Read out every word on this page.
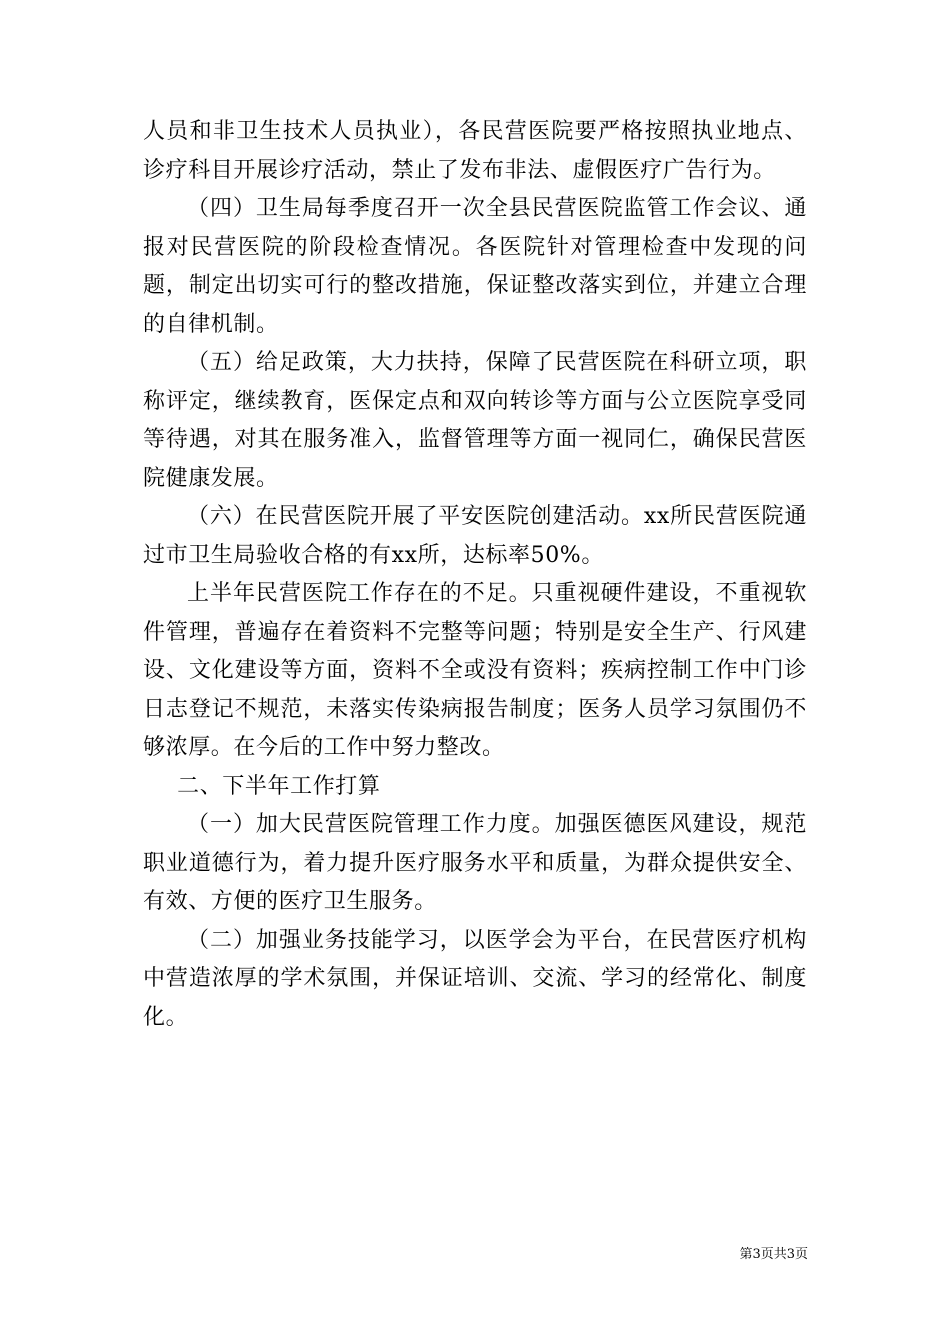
人员和非卫生技术人员执业），各民营医院要严格按照执业地点、诊疗科目开展诊疗活动，禁止了发布非法、虚假医疗广告行为。

（四）卫生局每季度召开一次全县民营医院监管工作会议、通报对民营医院的阶段检查情况。各医院针对管理检查中发现的问题，制定出切实可行的整改措施，保证整改落实到位，并建立合理的自律机制。

（五）给足政策，大力扶持，保障了民营医院在科研立项，职称评定，继续教育，医保定点和双向转诊等方面与公立医院享受同等待遇，对其在服务准入，监督管理等方面一视同仁，确保民营医院健康发展。

（六）在民营医院开展了平安医院创建活动。xx所民营医院通过市卫生局验收合格的有xx所，达标率50%。

上半年民营医院工作存在的不足。只重视硬件建设，不重视软件管理，普遍存在着资料不完整等问题；特别是安全生产、行风建设、文化建设等方面，资料不全或没有资料；疾病控制工作中门诊日志登记不规范，未落实传染病报告制度；医务人员学习氛围仍不够浓厚。在今后的工作中努力整改。

二、下半年工作打算

（一）加大民营医院管理工作力度。加强医德医风建设，规范职业道德行为，着力提升医疗服务水平和质量，为群众提供安全、有效、方便的医疗卫生服务。

（二）加强业务技能学习，以医学会为平台，在民营医疗机构中营造浓厚的学术氛围，并保证培训、交流、学习的经常化、制度化。

第3页共3页
